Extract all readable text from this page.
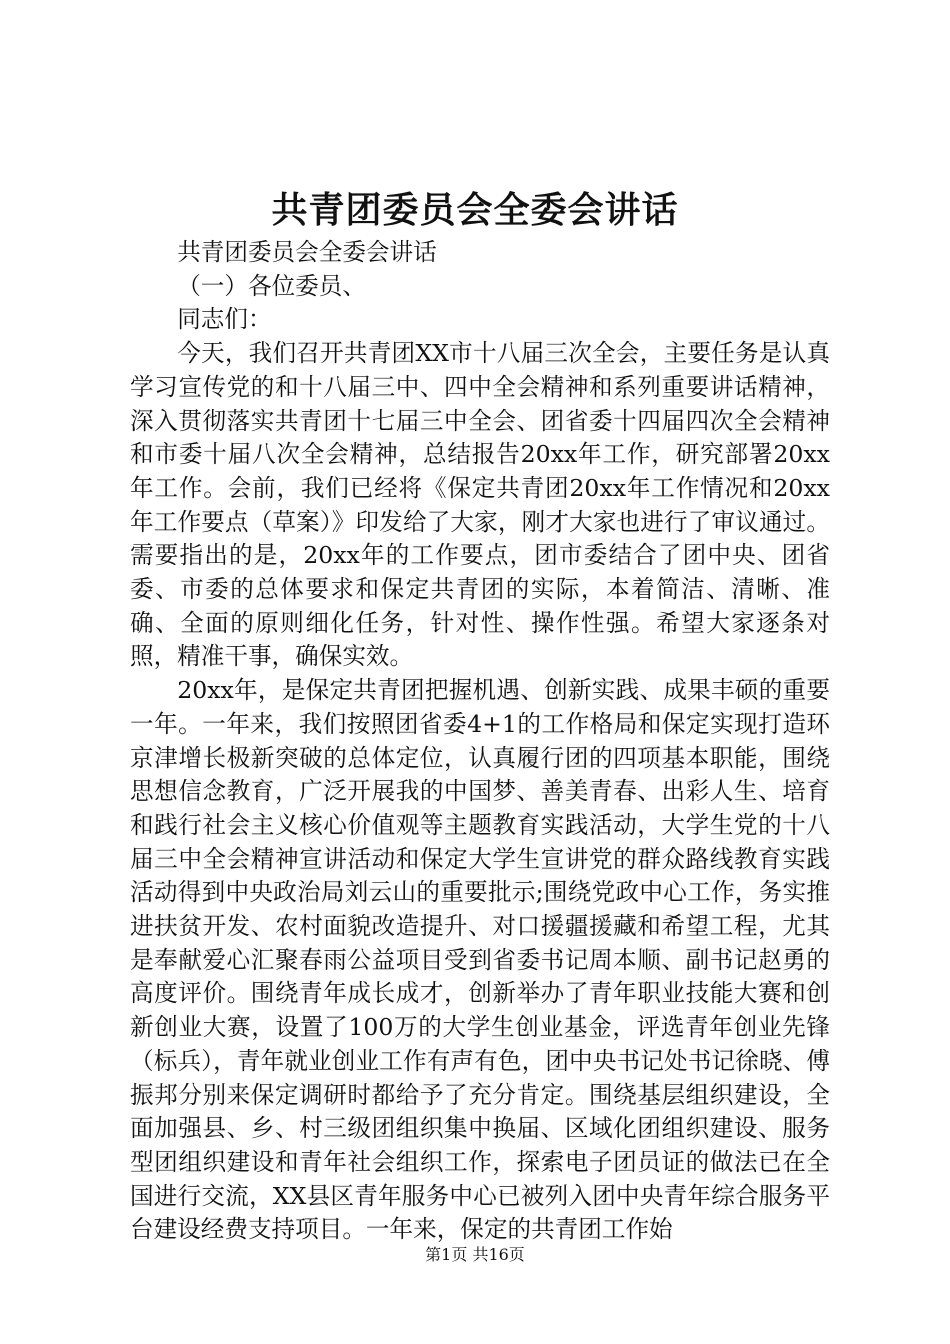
共青团委员会全委会讲话

共青团委员会全委会讲话

（一）各位委员、

同志们：

今天，我们召开共青团XX市十八届三次全会，主要任务是认真学习宣传党的和十八届三中、四中全会精神和系列重要讲话精神，深入贯彻落实共青团十七届三中全会、团省委十四届四次全会精神和市委十届八次全会精神，总结报告20xx年工作，研究部署20xx年工作。会前，我们已经将《保定共青团20xx年工作情况和20xx年工作要点（草案）》印发给了大家，刚才大家也进行了审议通过。需要指出的是，20xx年的工作要点，团市委结合了团中央、团省委、市委的总体要求和保定共青团的实际，本着简洁、清晰、准确、全面的原则细化任务，针对性、操作性强。希望大家逐条对照，精准干事，确保实效。

20xx年，是保定共青团把握机遇、创新实践、成果丰硕的重要一年。一年来，我们按照团省委4+1的工作格局和保定实现打造环京津增长极新突破的总体定位，认真履行团的四项基本职能，围绕思想信念教育，广泛开展我的中国梦、善美青春、出彩人生、培育和践行社会主义核心价值观等主题教育实践活动，大学生党的十八届三中全会精神宣讲活动和保定大学生宣讲党的群众路线教育实践活动得到中央政治局刘云山的重要批示;围绕党政中心工作，务实推进扶贫开发、农村面貌改造提升、对口援疆援藏和希望工程，尤其是奉献爱心汇聚春雨公益项目受到省委书记周本顺、副书记赵勇的高度评价。围绕青年成长成才，创新举办了青年职业技能大赛和创新创业大赛，设置了100万的大学生创业基金，评选青年创业先锋（标兵），青年就业创业工作有声有色，团中央书记处书记徐晓、傅振邦分别来保定调研时都给予了充分肯定。围绕基层组织建设，全面加强县、乡、村三级团组织集中换届、区域化团组织建设、服务型团组织建设和青年社会组织工作，探索电子团员证的做法已在全国进行交流，XX县区青年服务中心已被列入团中央青年综合服务平台建设经费支持项目。一年来，保定的共青团工作始

第1页 共16页
